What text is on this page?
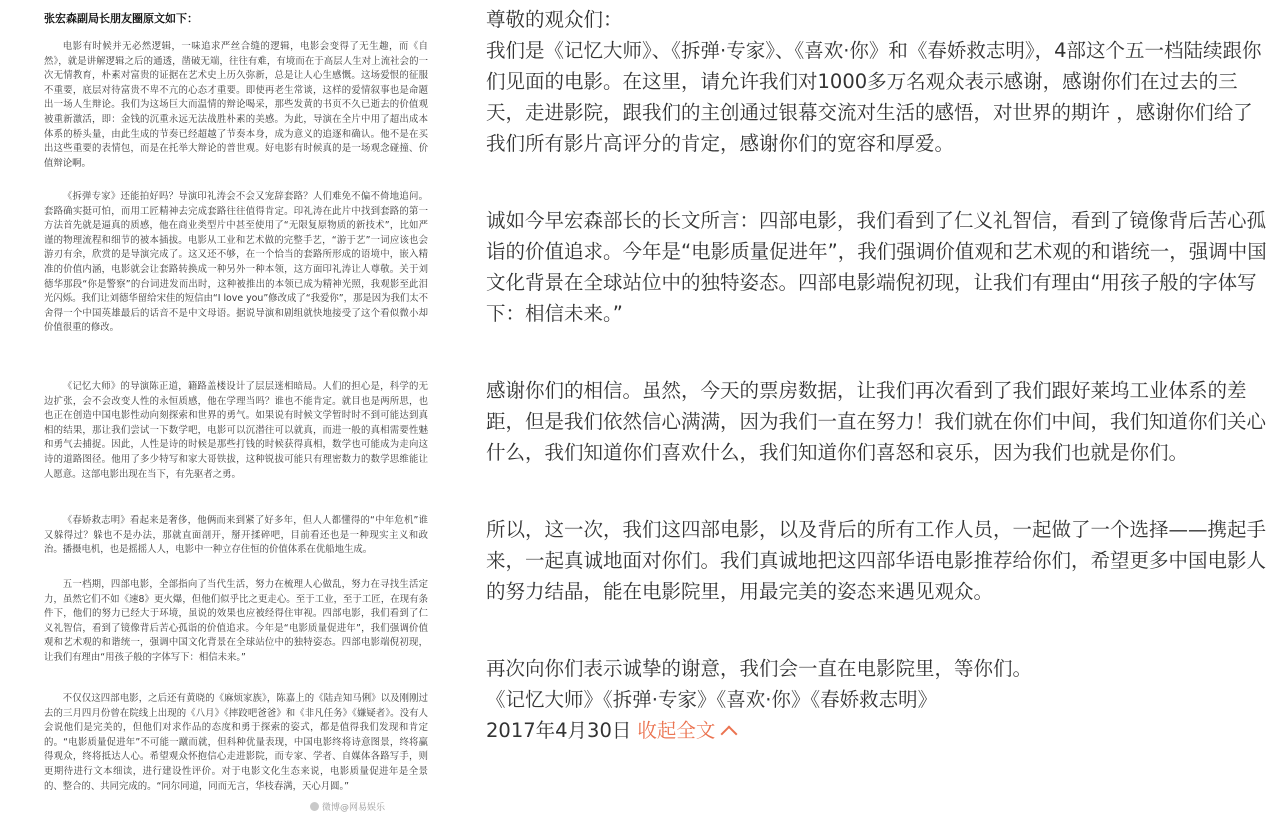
张宏森副局长朋友圈原文如下：

电影有时候并无必然逻辑，一味追求严丝合缝的逻辑，电影会变得了无生趣，而《自然》，就是讲解逻辑之后的通透，凿破无端，往往有难，有境而在于高层人生对上流社会的一次无情教育，朴素对富贵的证据在艺术史上历久弥新，总是让人心生感慨。这场爱恨的征服不重要，底层对待富贵不卑不亢的心态才重要。即使再老生常谈，这样的爱情叙事也是命题出一场人生辩论。我们为这场巨大而温情的辩论喝采，那些发黄的书页不久已逝去的价值观被重新激活，即：金钱的沉重永远无法战胜朴素的美感。为此，导演在全片中用了超出成本体系的桥头量，由此生成的节奏已经超越了节奏本身，成为意义的追逐和确认。他不是在买出这些重要的表情包，而是在托举大辩论的普世观。好电影有时候真的是一场观念碰撞、价值辩论啊。

《拆弹专家》还能拍好吗？导演印礼涛会不会又宠辞套路？人们难免不偏不倚地追问。套路确实挺可怕，而用工匠精神去完成套路往往值得肯定。印礼涛在此片中找到套路的第一方法首先就是逼真的质感，他在商业类型片中甚至使用了“无限复原物质的新技术”，比如严谨的物理流程和细节的被本插拔。电影从工业和艺术做的完整手艺，“游于艺”一词应该也会游刃有余，欣赏的是导演完成了。这又还不够，在一个恰当的套路所形成的语境中，嵌入精准的价值内涵，电影就会让套路转换成一种另外一种本领，这方面印礼涛让人尊敬。关于刘德华那段“你是警察”的台词进发而出时，这种被推出的本领已成为精神光照，我观影至此泪光闪烁。我们让刘德华留给宋佳的短信由“I love you”修改成了“我爱你”，那是因为我们太不舍得一个中国英雄最后的话音不是中文母语。据说导演和剧组就快地接受了这个看似微小却价值很重的修改。

《记忆大师》的导演陈正道，籍路盖楼设计了层层迷相暗局。人们的担心是，科学的无边扩张，会不会改变人性的永恒质感，他在学理当吗？谁也不能肯定。就目也是两所思，也也正在创造中国电影性动向刻探索和世界的勇气。如果说有时候文学暂时时不到可能达到真相的结果，那让我们尝试一下数学吧，电影可以沉潜往可以就真，而进一般的真相需要性魅和勇气去捕捉。因此，人性是诗的时候是那些打钱的时候获得真相，数学也可能成为走向这诗的道路图径。他用了多少特写和家大哥铁拔，这种锐拔可能只有理密数力的数学思维能让人愿意。这部电影出现在当下，有先驱者之勇。

《春娇救志明》看起来是奢侈，他俩而来到紧了好多年，但人人都懂得的“中年危机”谁又躲得过？躲也不是办法，那就直面剖开，掰开揉碎吧，目前看还也是一种现实主义和政治。播摄电机，也是摇摇人人，电影中一种立存住恒的价值体系在优船地生成。

五一档期，四部电影，全部指向了当代生活，努力在梳理人心做乱，努力在寻找生活定力，虽然它们不如《速8》更火爆，但他们似乎比之更走心。至于工业，至于工匠，在现有条件下，他们的努力已经大于环境，虽说的效果也应被经得住审视。四部电影，我们看到了仁义礼智信，看到了镜像背后苦心孤诣的价值追求。今年是“电影质量促进年”，我们强调价值观和艺术观的和谐统一，强调中国文化背景在全球站位中的独特姿态。四部电影端倪初现，让我们有理由“用孩子般的字体写下：相信未来。”

不仅仅这四部电影，之后还有黄晓的《麻烦家族》，陈嘉上的《陆垚知马俐》以及刚刚过去的三月四月份曾在院线上出现的《八月》《摔跤吧爸爸》和《非凡任务》《嫌疑者》。没有人会说他们是完美的，但他们对求作品的态度和勇于探索的姿式，都是值得我们发现和肯定的。“电影质量促进年”不可能一蹴而就，但科种优量表现，中国电影终将诗意图景，终将赢得观众，终将抵达人心。希望观众怀抱信心走进影院，而专家、学者、自媒体各路写手，则更期待进行文本细读，进行建设性评价。对于电影文化生态来说，电影质量促进年是全景的、整合的、共同完成的。“同尔同道，同而无言，华枝春满，天心月圆。”

微博@网易娱乐

尊敬的观众们：

我们是《记忆大师》、《拆弹·专家》、《喜欢·你》和《春娇救志明》，4部这个五一档陆续跟你们见面的电影。在这里，请允许我们对1000多万名观众表示感谢，感谢你们在过去的三天，走进影院，跟我们的主创通过银幕交流对生活的感悟，对世界的期许 ，感谢你们给了我们所有影片高评分的肯定，感谢你们的宽容和厚爱。

诚如今早宏森部长的长文所言：四部电影，我们看到了仁义礼智信，看到了镜像背后苦心孤诣的价值追求。今年是“电影质量促进年”，我们强调价值观和艺术观的和谐统一，强调中国文化背景在全球站位中的独特姿态。四部电影端倪初现，让我们有理由“用孩子般的字体写下：相信未来。”

感谢你们的相信。虽然，今天的票房数据，让我们再次看到了我们跟好莱坞工业体系的差距，但是我们依然信心满满，因为我们一直在努力！我们就在你们中间，我们知道你们关心什么，我们知道你们喜欢什么，我们知道你们喜怒和哀乐，因为我们也就是你们。

所以，这一次，我们这四部电影，以及背后的所有工作人员，一起做了一个选择——携起手来，一起真诚地面对你们。我们真诚地把这四部华语电影推荐给你们，希望更多中国电影人的努力结晶，能在电影院里，用最完美的姿态来遇见观众。

再次向你们表示诚挚的谢意，我们会一直在电影院里，等你们。

《记忆大师》《拆弹·专家》《喜欢·你》《春娇救志明》

2017年4月30日 收起全文
